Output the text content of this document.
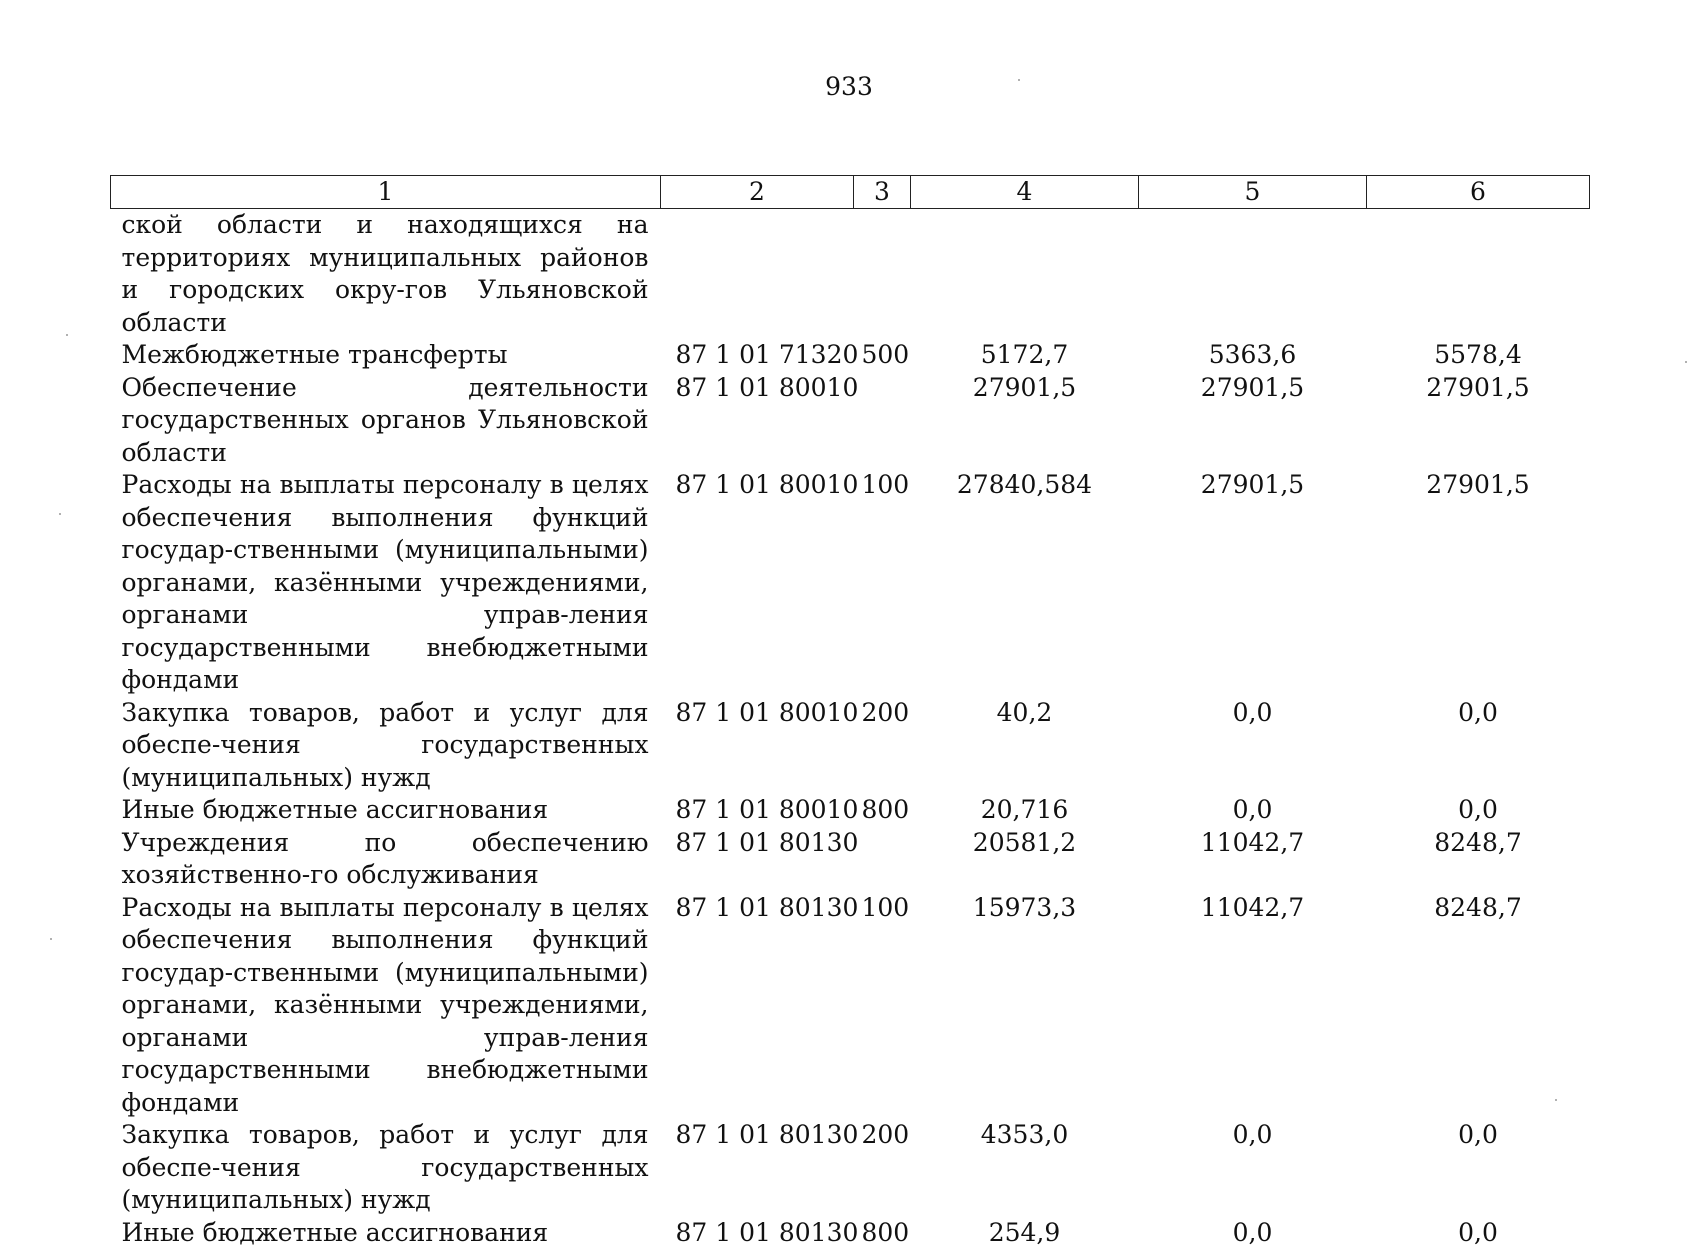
933
1	2	3	4	5	6
ской области и находящихся на территориях муниципальных районов и городских окру-гов Ульяновской области					
Межбюджетные трансферты	87 1 01 71320	500	5172,7	5363,6	5578,4
Обеспечение деятельности государственных органов Ульяновской области	87 1 01 80010		27901,5	27901,5	27901,5
Расходы на выплаты персоналу в целях обеспечения выполнения функций государ-ственными (муниципальными) органами, казёнными учреждениями, органами управ-ления государственными внебюджетными фондами	87 1 01 80010	100	27840,584	27901,5	27901,5
Закупка товаров, работ и услуг для обеспе-чения государственных (муниципальных) нужд	87 1 01 80010	200	40,2	0,0	0,0
Иные бюджетные ассигнования	87 1 01 80010	800	20,716	0,0	0,0
Учреждения по обеспечению хозяйственно-го обслуживания	87 1 01 80130		20581,2	11042,7	8248,7
Расходы на выплаты персоналу в целях обеспечения выполнения функций государ-ственными (муниципальными) органами, казёнными учреждениями, органами управ-ления государственными внебюджетными фондами	87 1 01 80130	100	15973,3	11042,7	8248,7
Закупка товаров, работ и услуг для обеспе-чения государственных (муниципальных) нужд	87 1 01 80130	200	4353,0	0,0	0,0
Иные бюджетные ассигнования	87 1 01 80130	800	254,9	0,0	0,0
